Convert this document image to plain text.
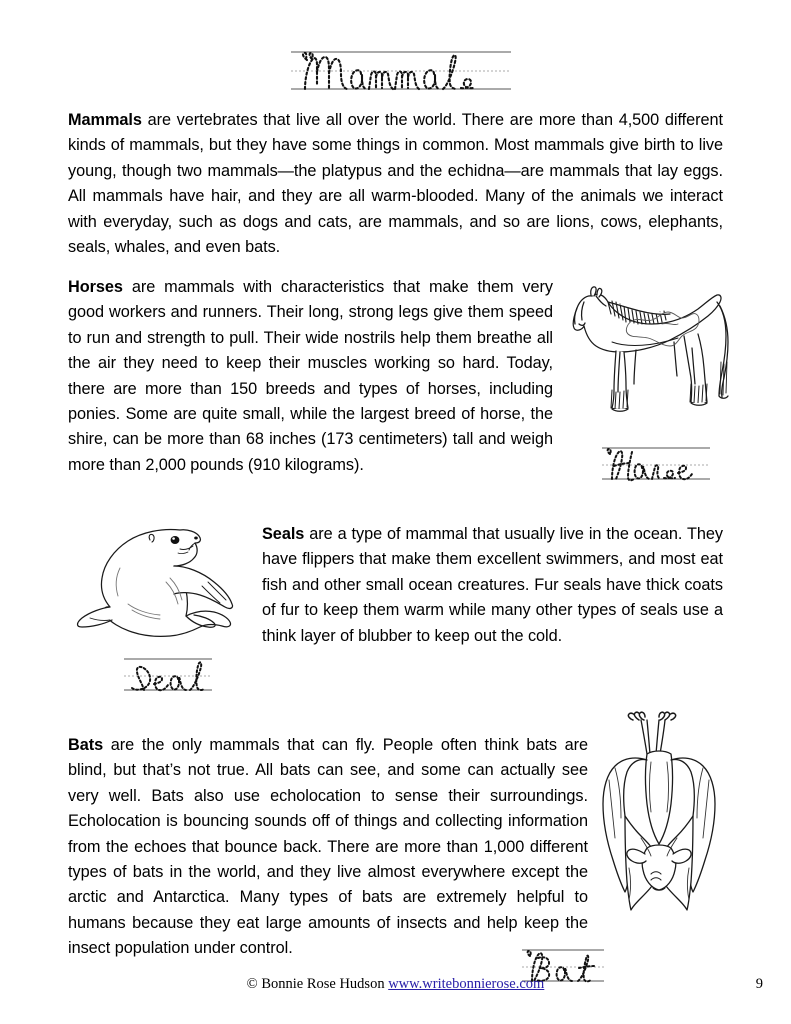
Mammals are vertebrates that live all over the world. There are more than 4,500 different kinds of mammals, but they have some things in common. Most mammals give birth to live young, though two mammals—the platypus and the echidna—are mammals that lay eggs. All mammals have hair, and they are all warm-blooded. Many of the animals we interact with everyday, such as dogs and cats, are mammals, and so are lions, cows, elephants, seals, whales, and even bats.
Horses are mammals with characteristics that make them very good workers and runners. Their long, strong legs give them speed to run and strength to pull. Their wide nostrils help them breathe all the air they need to keep their muscles working so hard. Today, there are more than 150 breeds and types of horses, including ponies. Some are quite small, while the largest breed of horse, the shire, can be more than 68 inches (173 centimeters) tall and weigh more than 2,000 pounds (910 kilograms).
Seals are a type of mammal that usually live in the ocean. They have flippers that make them excellent swimmers, and most eat fish and other small ocean creatures. Fur seals have thick coats of fur to keep them warm while many other types of seals use a think layer of blubber to keep out the cold.
Bats are the only mammals that can fly. People often think bats are blind, but that’s not true. All bats can see, and some can actually see very well. Bats also use echolocation to sense their surroundings. Echolocation is bouncing sounds off of things and collecting information from the echoes that bounce back. There are more than 1,000 different types of bats in the world, and they live almost everywhere except the arctic and Antarctica. Many types of bats are extremely helpful to humans because they eat large amounts of insects and help keep the insect population under control.
© Bonnie Rose Hudson www.writebonnierose.com	9
